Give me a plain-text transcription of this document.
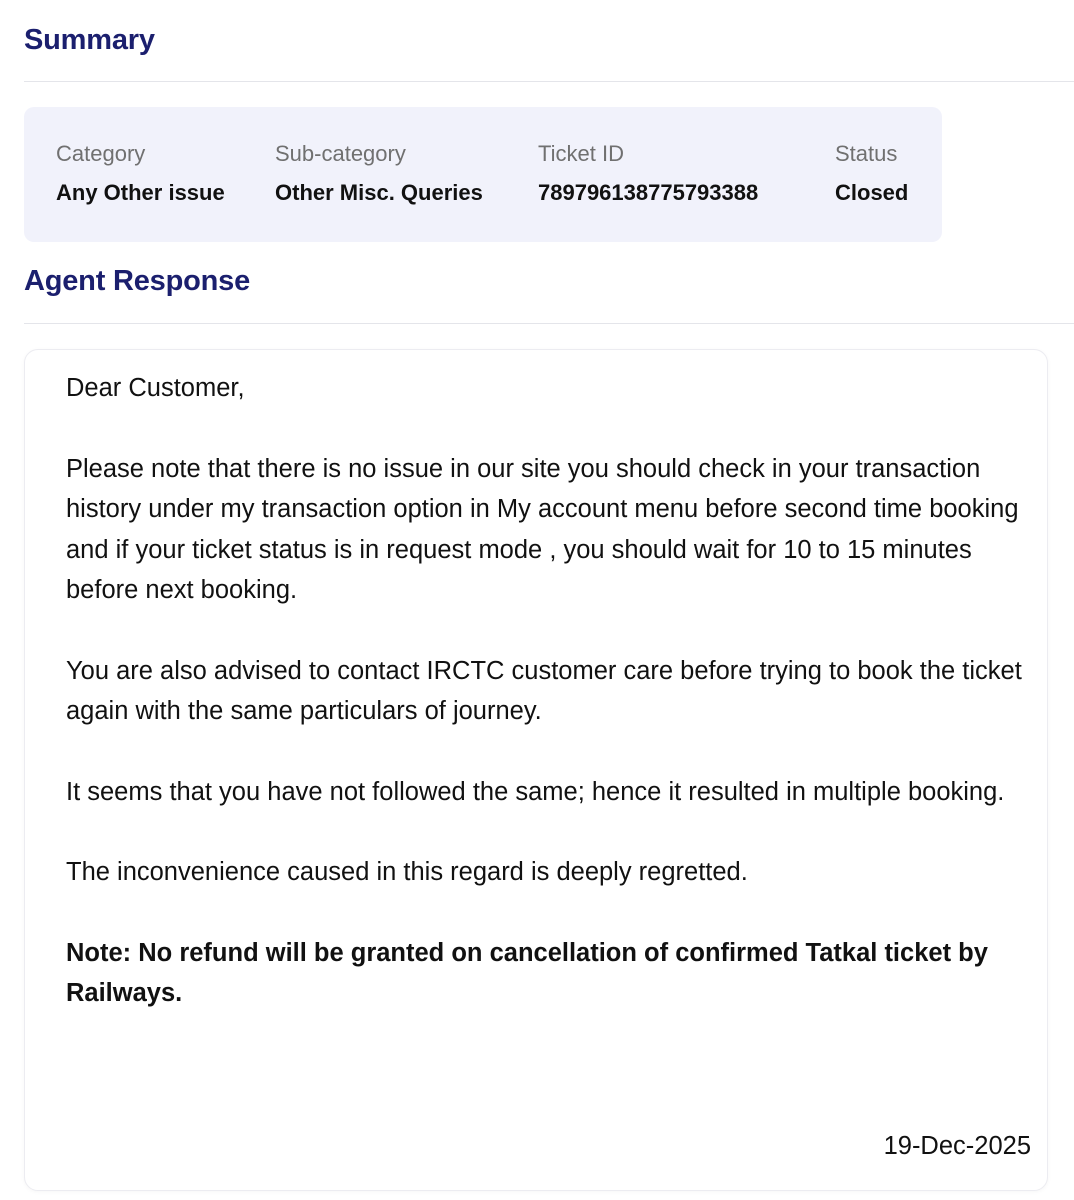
Summary
Category
Any Other issue
Sub-category
Other Misc. Queries
Ticket ID
789796138775793388
Status
Closed
Agent Response

Dear Customer,

Please note that there is no issue in our site you should check in your transaction history under my transaction option in My account menu before second time booking and if your ticket status is in request mode , you should wait for 10 to 15 minutes before next booking.

You are also advised to contact IRCTC customer care before trying to book the ticket again with the same particulars of journey.

It seems that you have not followed the same; hence it resulted in multiple booking.

The inconvenience caused in this regard is deeply regretted.

Note: No refund will be granted on cancellation of confirmed Tatkal ticket by Railways.

19-Dec-2025
